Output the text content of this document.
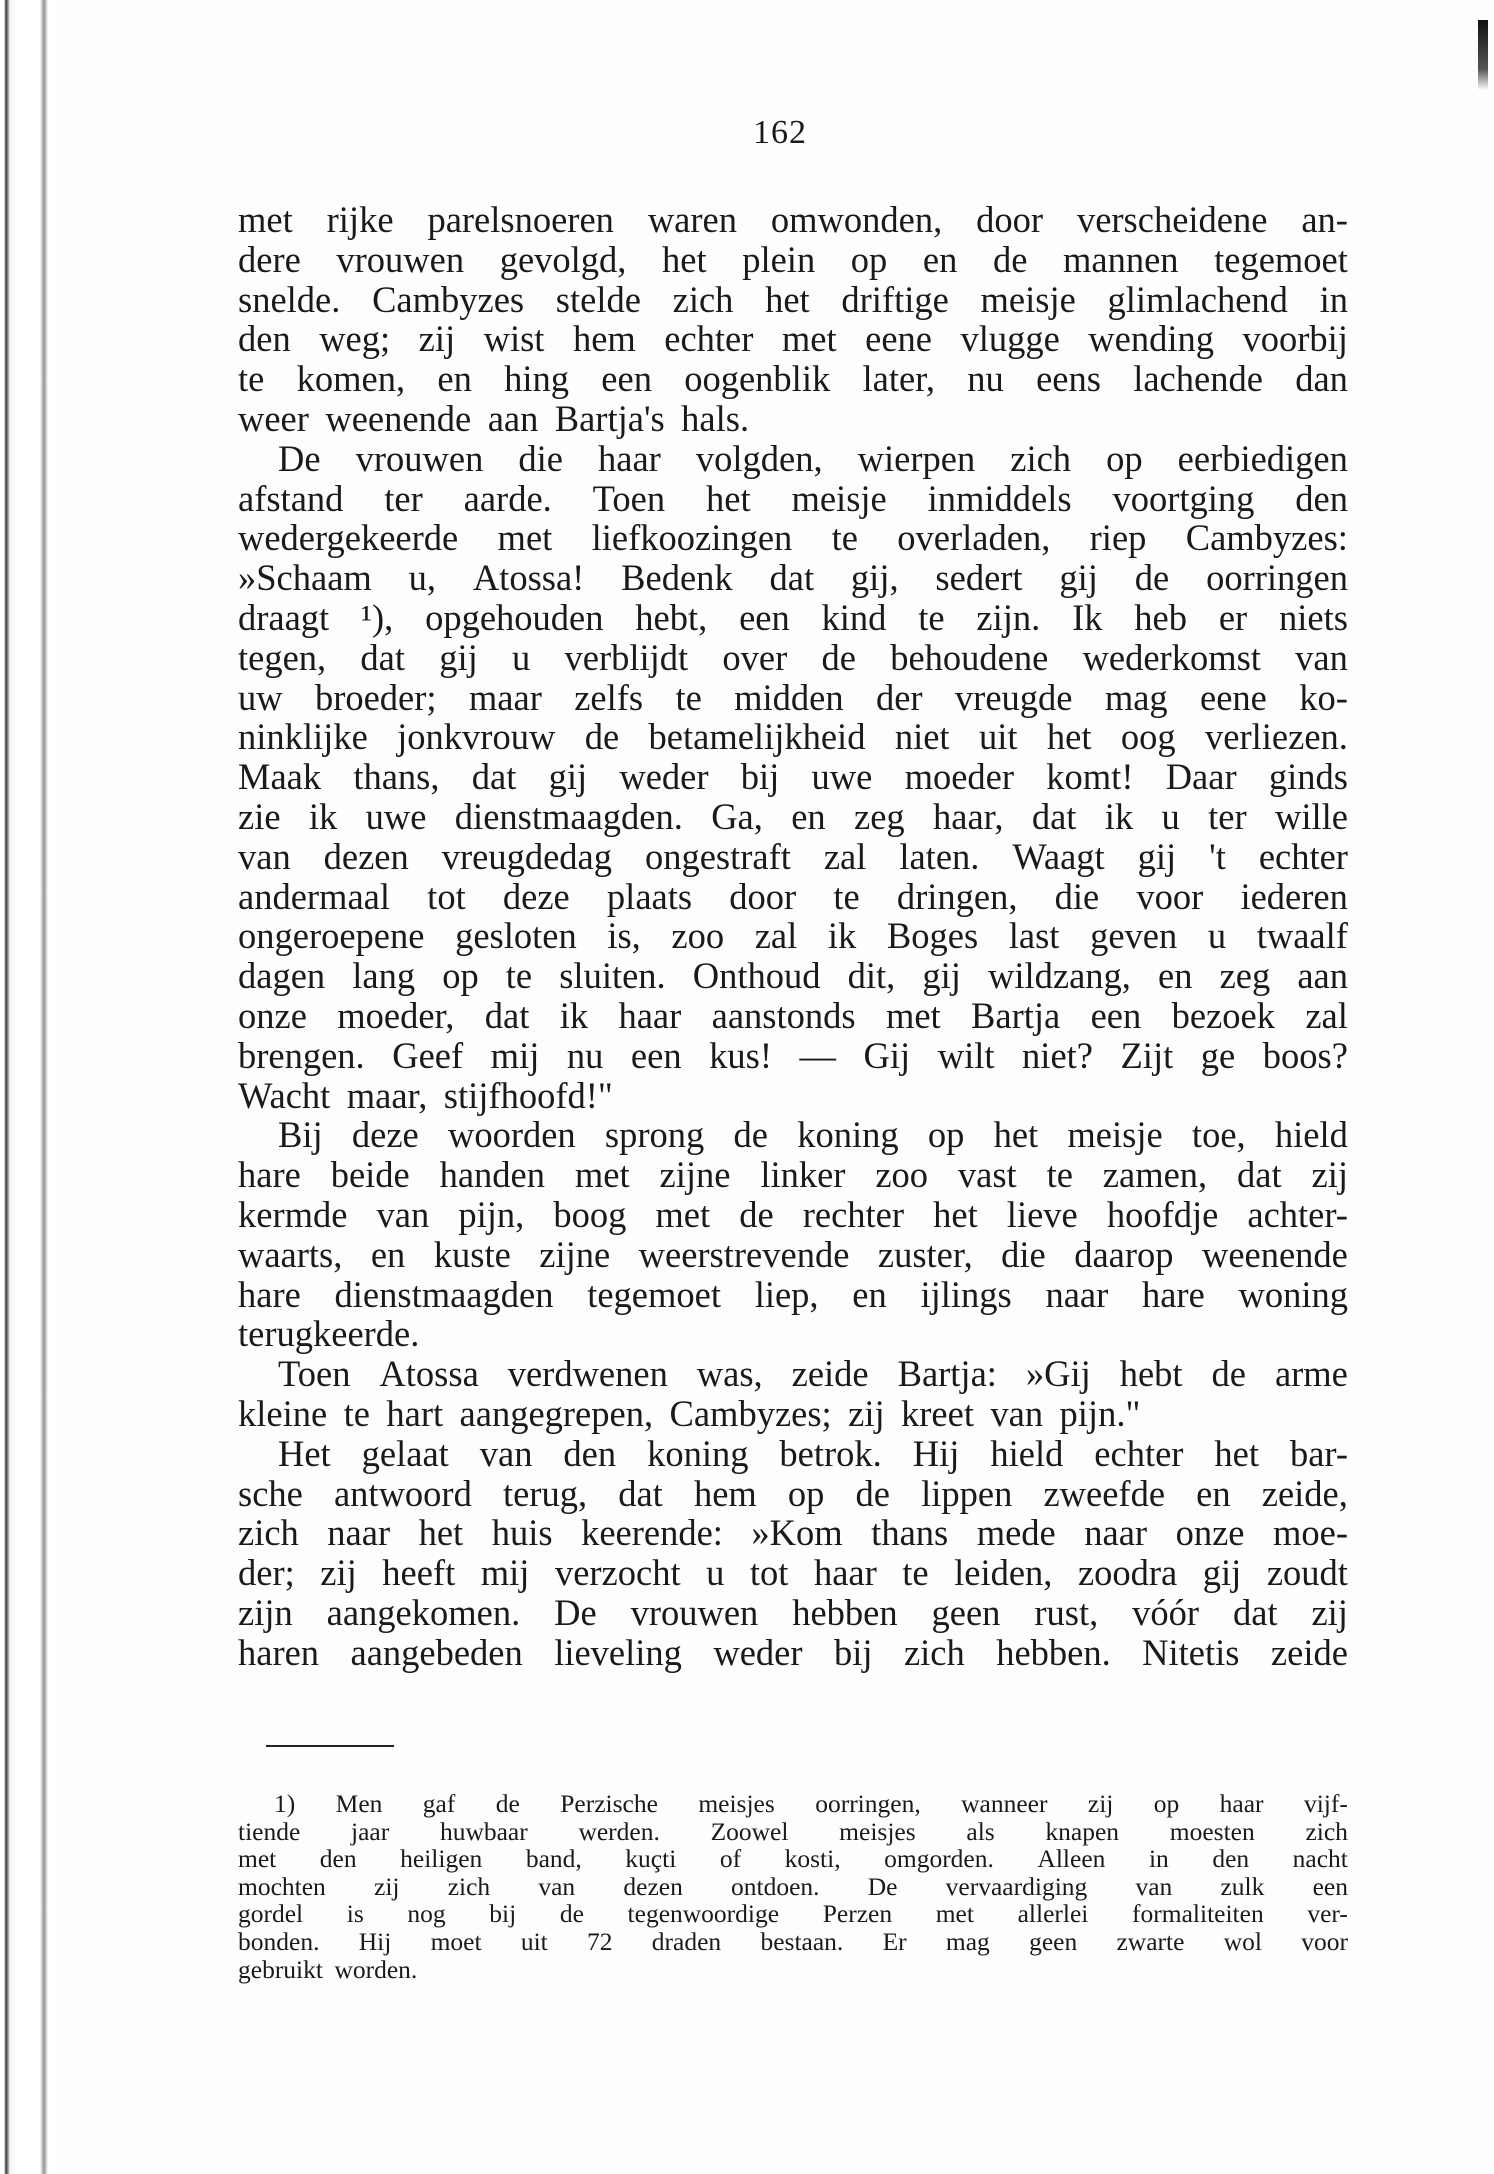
162
met rijke parelsnoeren waren omwonden, door verscheidene an-
dere vrouwen gevolgd, het plein op en de mannen tegemoet
snelde. Cambyzes stelde zich het driftige meisje glimlachend in
den weg; zij wist hem echter met eene vlugge wending voorbij
te komen, en hing een oogenblik later, nu eens lachende dan
weer weenende aan Bartja's hals.
De vrouwen die haar volgden, wierpen zich op eerbiedigen
afstand ter aarde. Toen het meisje inmiddels voortging den
wedergekeerde met liefkoozingen te overladen, riep Cambyzes:
»Schaam u, Atossa! Bedenk dat gij, sedert gij de oorringen
draagt ¹), opgehouden hebt, een kind te zijn. Ik heb er niets
tegen, dat gij u verblijdt over de behoudene wederkomst van
uw broeder; maar zelfs te midden der vreugde mag eene ko-
ninklijke jonkvrouw de betamelijkheid niet uit het oog verliezen.
Maak thans, dat gij weder bij uwe moeder komt! Daar ginds
zie ik uwe dienstmaagden. Ga, en zeg haar, dat ik u ter wille
van dezen vreugdedag ongestraft zal laten. Waagt gij 't echter
andermaal tot deze plaats door te dringen, die voor iederen
ongeroepene gesloten is, zoo zal ik Boges last geven u twaalf
dagen lang op te sluiten. Onthoud dit, gij wildzang, en zeg aan
onze moeder, dat ik haar aanstonds met Bartja een bezoek zal
brengen. Geef mij nu een kus! — Gij wilt niet? Zijt ge boos?
Wacht maar, stijfhoofd!"
Bij deze woorden sprong de koning op het meisje toe, hield
hare beide handen met zijne linker zoo vast te zamen, dat zij
kermde van pijn, boog met de rechter het lieve hoofdje achter-
waarts, en kuste zijne weerstrevende zuster, die daarop weenende
hare dienstmaagden tegemoet liep, en ijlings naar hare woning
terugkeerde.
Toen Atossa verdwenen was, zeide Bartja: »Gij hebt de arme
kleine te hart aangegrepen, Cambyzes; zij kreet van pijn."
Het gelaat van den koning betrok. Hij hield echter het bar-
sche antwoord terug, dat hem op de lippen zweefde en zeide,
zich naar het huis keerende: »Kom thans mede naar onze moe-
der; zij heeft mij verzocht u tot haar te leiden, zoodra gij zoudt
zijn aangekomen. De vrouwen hebben geen rust, vóór dat zij
haren aangebeden lieveling weder bij zich hebben. Nitetis zeide
1) Men gaf de Perzische meisjes oorringen, wanneer zij op haar vijf-
tiende jaar huwbaar werden. Zoowel meisjes als knapen moesten zich
met den heiligen band, kuçti of kosti, omgorden. Alleen in den nacht
mochten zij zich van dezen ontdoen. De vervaardiging van zulk een
gordel is nog bij de tegenwoordige Perzen met allerlei formaliteiten ver-
bonden. Hij moet uit 72 draden bestaan. Er mag geen zwarte wol voor
gebruikt worden.
